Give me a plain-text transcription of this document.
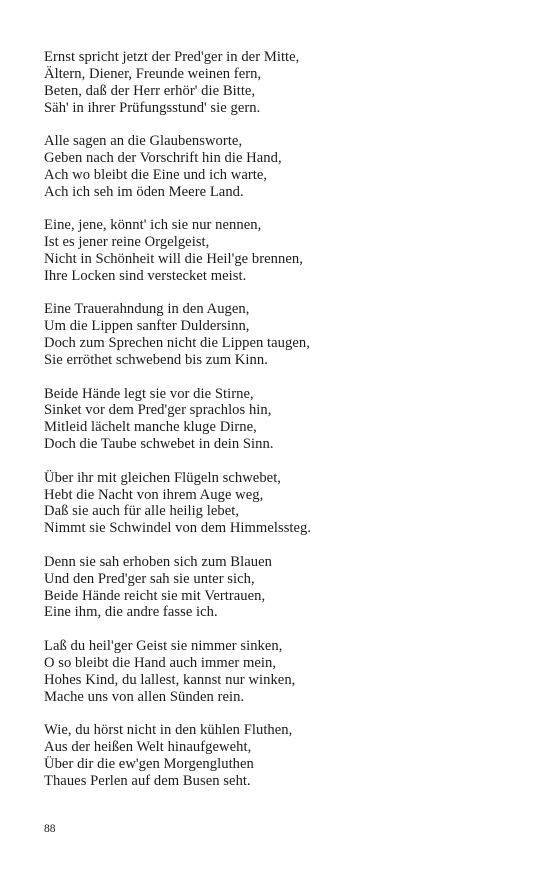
Ernst spricht jetzt der Pred'ger in der Mitte,
Ältern, Diener, Freunde weinen fern,
Beten, daß der Herr erhör' die Bitte,
Säh' in ihrer Prüfungsstund' sie gern.
Alle sagen an die Glaubensworte,
Geben nach der Vorschrift hin die Hand,
Ach wo bleibt die Eine und ich warte,
Ach ich seh im öden Meere Land.
Eine, jene, könnt' ich sie nur nennen,
Ist es jener reine Orgelgeist,
Nicht in Schönheit will die Heil'ge brennen,
Ihre Locken sind verstecket meist.
Eine Trauerahndung in den Augen,
Um die Lippen sanfter Duldersinn,
Doch zum Sprechen nicht die Lippen taugen,
Sie erröthet schwebend bis zum Kinn.
Beide Hände legt sie vor die Stirne,
Sinket vor dem Pred'ger sprachlos hin,
Mitleid lächelt manche kluge Dirne,
Doch die Taube schwebet in dein Sinn.
Über ihr mit gleichen Flügeln schwebet,
Hebt die Nacht von ihrem Auge weg,
Daß sie auch für alle heilig lebet,
Nimmt sie Schwindel von dem Himmelssteg.
Denn sie sah erhoben sich zum Blauen
Und den Pred'ger sah sie unter sich,
Beide Hände reicht sie mit Vertrauen,
Eine ihm, die andre fasse ich.
Laß du heil'ger Geist sie nimmer sinken,
O so bleibt die Hand auch immer mein,
Hohes Kind, du lallest, kannst nur winken,
Mache uns von allen Sünden rein.
Wie, du hörst nicht in den kühlen Fluthen,
Aus der heißen Welt hinaufgeweht,
Über dir die ew'gen Morgengluthen
Thaues Perlen auf dem Busen seht.
88
